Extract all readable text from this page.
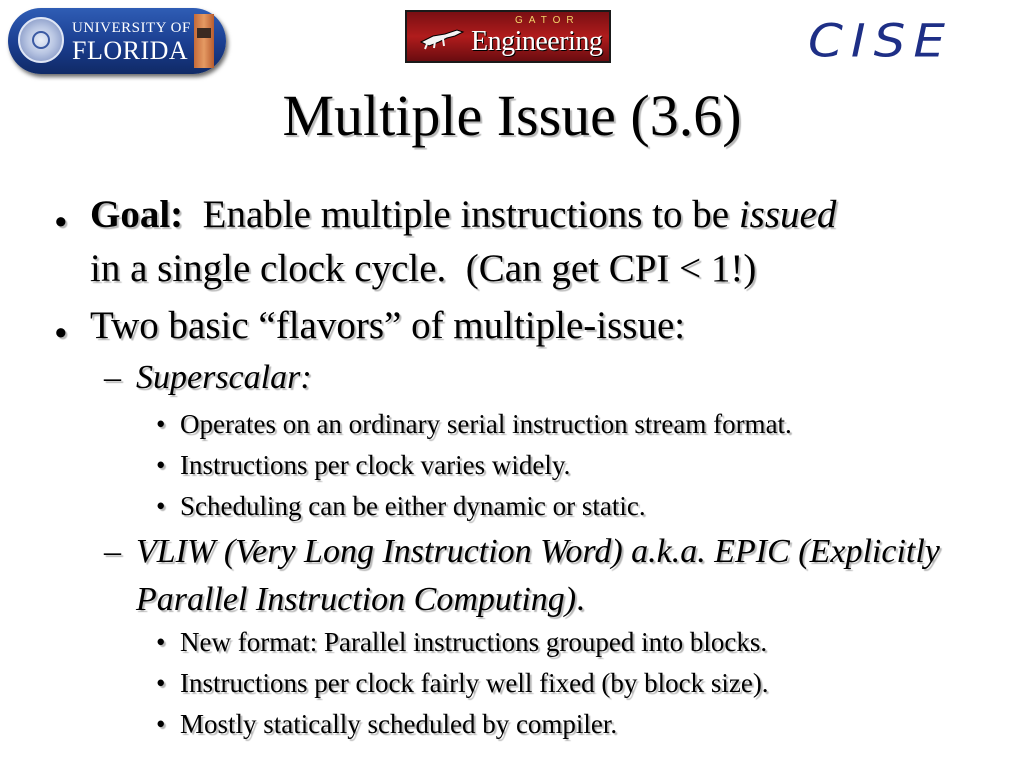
UNIVERSITY OF
FLORIDA
GATOR
Engineering	CISE
Multiple Issue (3.6)
• Goal: Enable multiple instructions to be issued in a single clock cycle.  (Can get CPI < 1!)
• Two basic “flavors” of multiple-issue:
– Superscalar:
• Operates on an ordinary serial instruction stream format.
• Instructions per clock varies widely.
• Scheduling can be either dynamic or static.
– VLIW (Very Long Instruction Word) a.k.a. EPIC (Explicitly Parallel Instruction Computing).
• New format: Parallel instructions grouped into blocks.
• Instructions per clock fairly well fixed (by block size).
• Mostly statically scheduled by compiler.
